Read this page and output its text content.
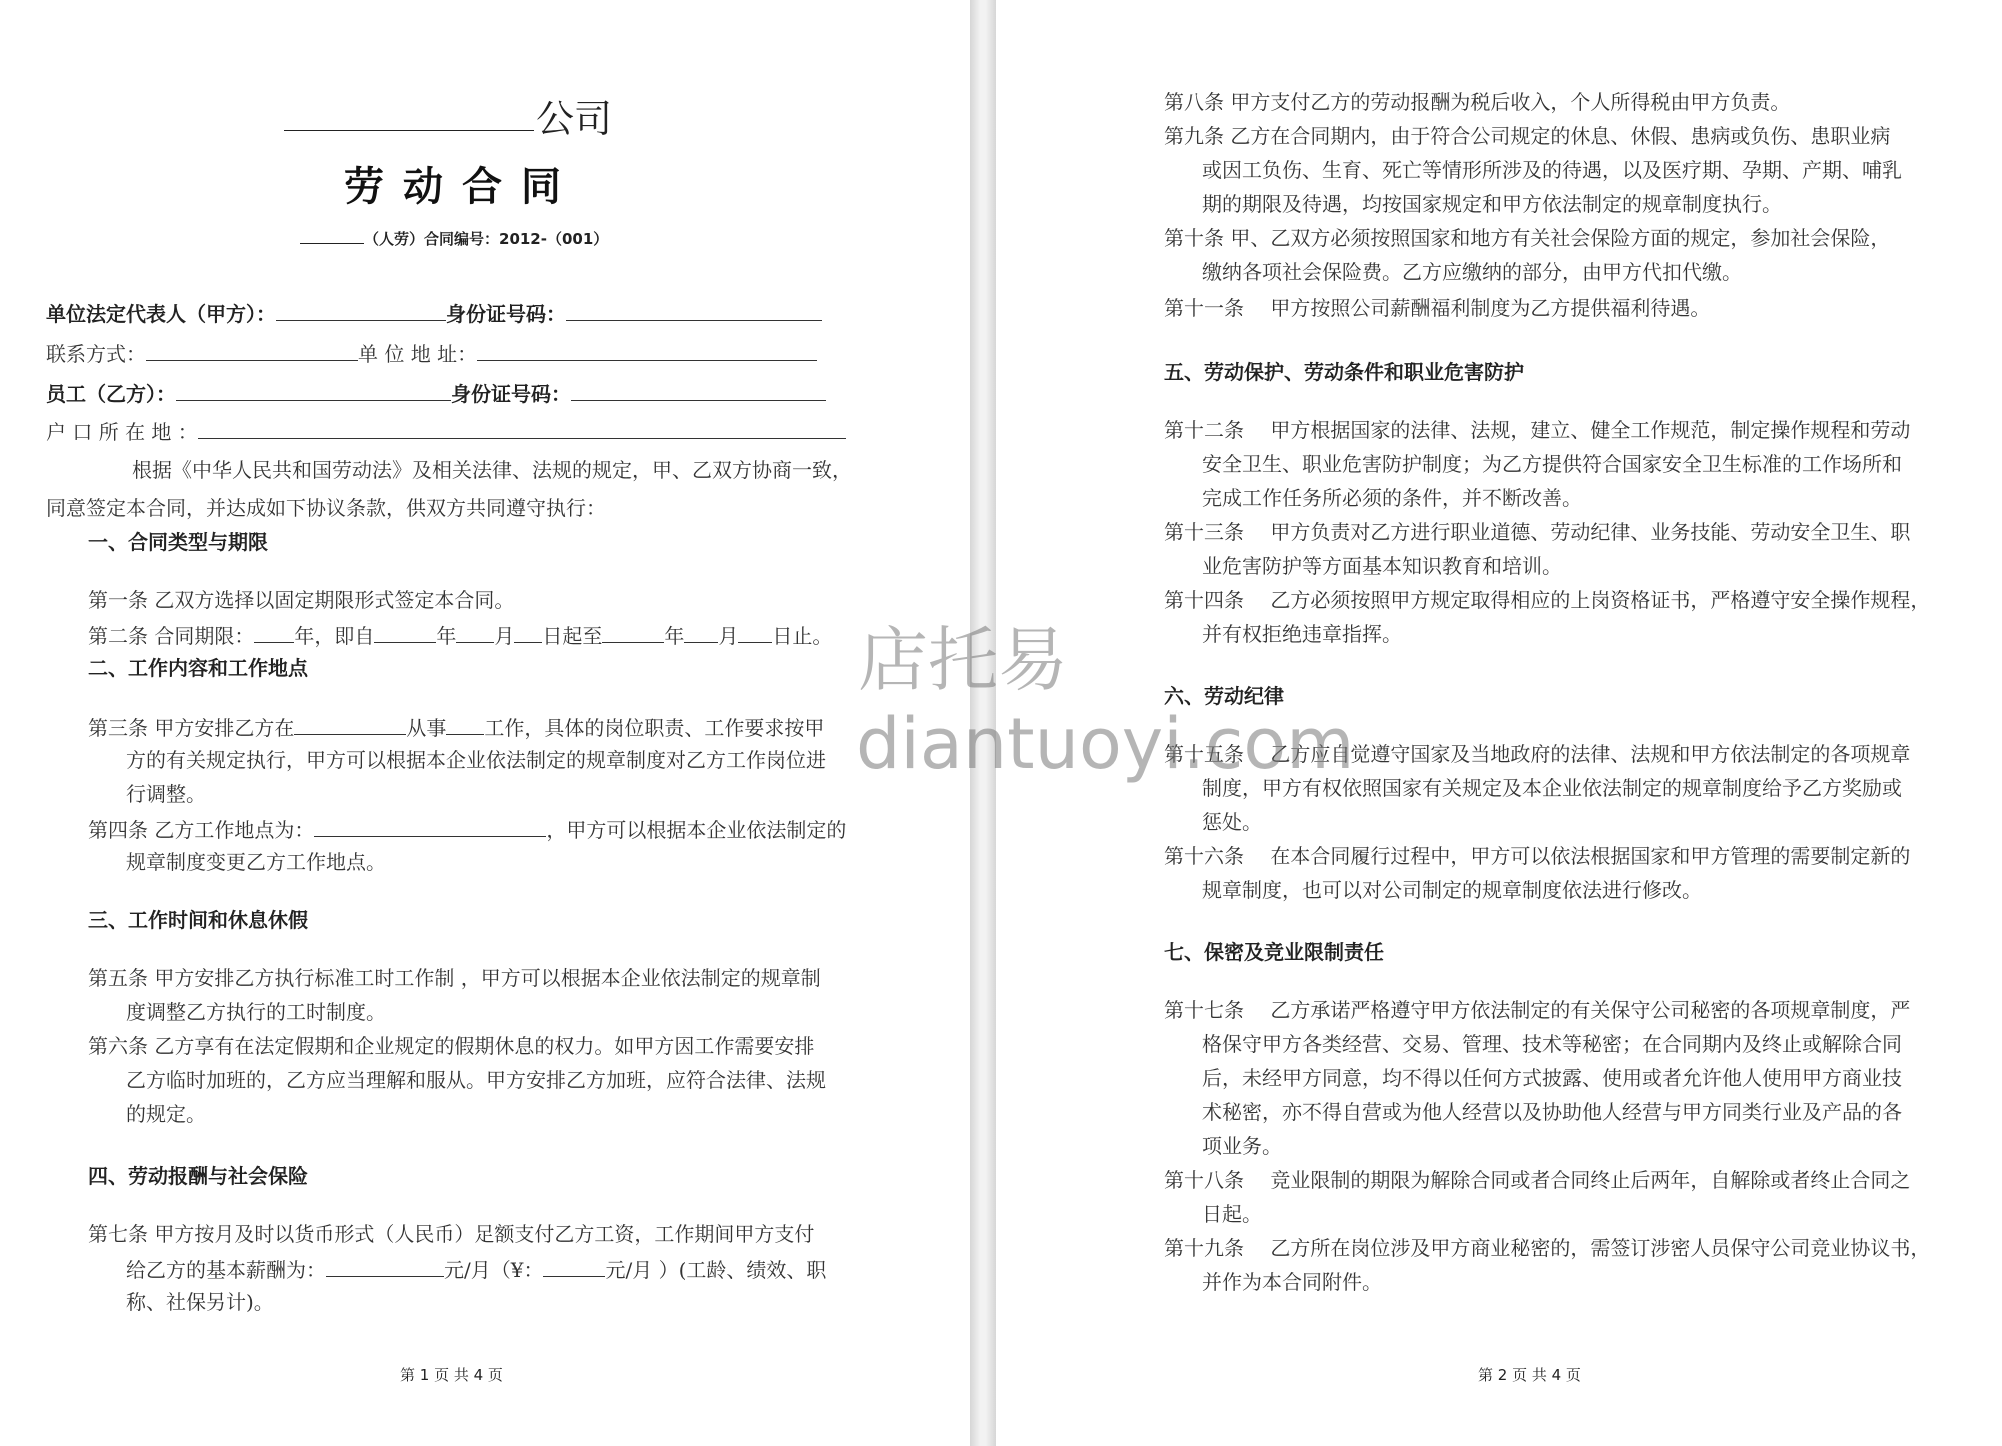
公司
劳动合同
（人劳）合同编号：2012-（001）
单位法定代表人（甲方）：	身份证号码：
联系方式：	单 位 地 址：
员工（乙方）：	身份证号码：
户 口 所 在 地 ：
根据《中华人民共和国劳动法》及相关法律、法规的规定，甲、乙双方协商一致，
同意签定本合同，并达成如下协议条款，供双方共同遵守执行：
一、合同类型与期限
第一条 乙双方选择以固定期限形式签定本合同。
第二条 合同期限： 年，即自	年 月 日起至	年 月 日止。
二、工作内容和工作地点
第三条 甲方安排乙方在	从事 工作，具体的岗位职责、工作要求按甲
方的有关规定执行，甲方可以根据本企业依法制定的规章制度对乙方工作岗位进
行调整。
第四条 乙方工作地点为：	，甲方可以根据本企业依法制定的
规章制度变更乙方工作地点。
三、工作时间和休息休假
第五条 甲方安排乙方执行标准工时工作制 ，甲方可以根据本企业依法制定的规章制
度调整乙方执行的工时制度。
第六条 乙方享有在法定假期和企业规定的假期休息的权力。如甲方因工作需要安排
乙方临时加班的，乙方应当理解和服从。甲方安排乙方加班，应符合法律、法规
的规定。
四、劳动报酬与社会保险
第七条 甲方按月及时以货币形式（人民币）足额支付乙方工资，工作期间甲方支付
给乙方的基本薪酬为：	元/月（¥：	元/月 ）(工龄、绩效、职
称、社保另计)。
第 1 页 共 4 页
第八条 甲方支付乙方的劳动报酬为税后收入，个人所得税由甲方负责。
第九条 乙方在合同期内，由于符合公司规定的休息、休假、患病或负伤、患职业病
或因工负伤、生育、死亡等情形所涉及的待遇，以及医疗期、孕期、产期、哺乳
期的期限及待遇，均按国家规定和甲方依法制定的规章制度执行。
第十条 甲、乙双方必须按照国家和地方有关社会保险方面的规定，参加社会保险，
缴纳各项社会保险费。乙方应缴纳的部分，由甲方代扣代缴。
第十一条　 甲方按照公司薪酬福利制度为乙方提供福利待遇。
五、劳动保护、劳动条件和职业危害防护
第十二条　 甲方根据国家的法律、法规，建立、健全工作规范，制定操作规程和劳动
安全卫生、职业危害防护制度；为乙方提供符合国家安全卫生标准的工作场所和
完成工作任务所必须的条件，并不断改善。
第十三条　 甲方负责对乙方进行职业道德、劳动纪律、业务技能、劳动安全卫生、职
业危害防护等方面基本知识教育和培训。
第十四条　 乙方必须按照甲方规定取得相应的上岗资格证书，严格遵守安全操作规程，
并有权拒绝违章指挥。
六、劳动纪律
第十五条　 乙方应自觉遵守国家及当地政府的法律、法规和甲方依法制定的各项规章
制度，甲方有权依照国家有关规定及本企业依法制定的规章制度给予乙方奖励或
惩处。
第十六条　 在本合同履行过程中，甲方可以依法根据国家和甲方管理的需要制定新的
规章制度，也可以对公司制定的规章制度依法进行修改。
七、保密及竞业限制责任
第十七条　 乙方承诺严格遵守甲方依法制定的有关保守公司秘密的各项规章制度，严
格保守甲方各类经营、交易、管理、技术等秘密；在合同期内及终止或解除合同
后，未经甲方同意，均不得以任何方式披露、使用或者允许他人使用甲方商业技
术秘密，亦不得自营或为他人经营以及协助他人经营与甲方同类行业及产品的各
项业务。
第十八条　 竞业限制的期限为解除合同或者合同终止后两年，自解除或者终止合同之
日起。
第十九条　 乙方所在岗位涉及甲方商业秘密的，需签订涉密人员保守公司竞业协议书，
并作为本合同附件。
第 2 页 共 4 页
店托易
diantuoyi.com
